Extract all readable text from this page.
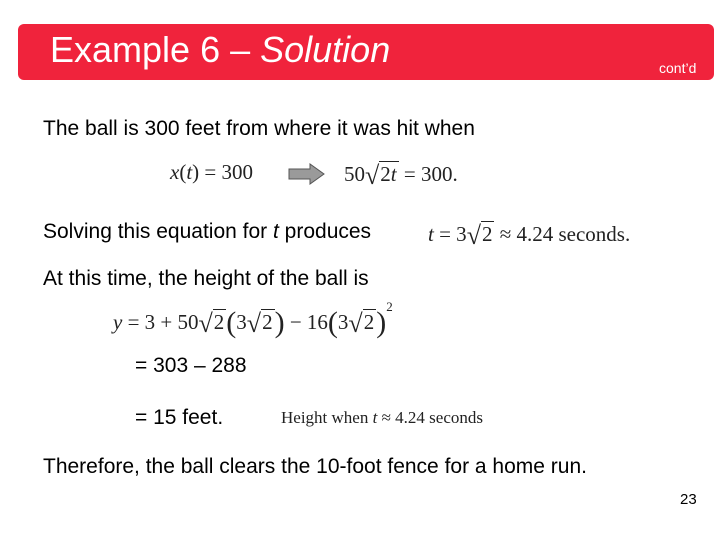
Example 6 – Solution	cont’d
The ball is 300 feet from where it was hit when
x(t) = 300	50√2t = 300.
Solving this equation for t produces	t = 3√2 ≈ 4.24 seconds.
At this time, the height of the ball is
$y = 3 + 50√2(3√2) - 16(3√2)^2$
= 303 – 288
= 15 feet.	Height when t ≈ 4.24 seconds
Therefore, the ball clears the 10-foot fence for a home run.
23
